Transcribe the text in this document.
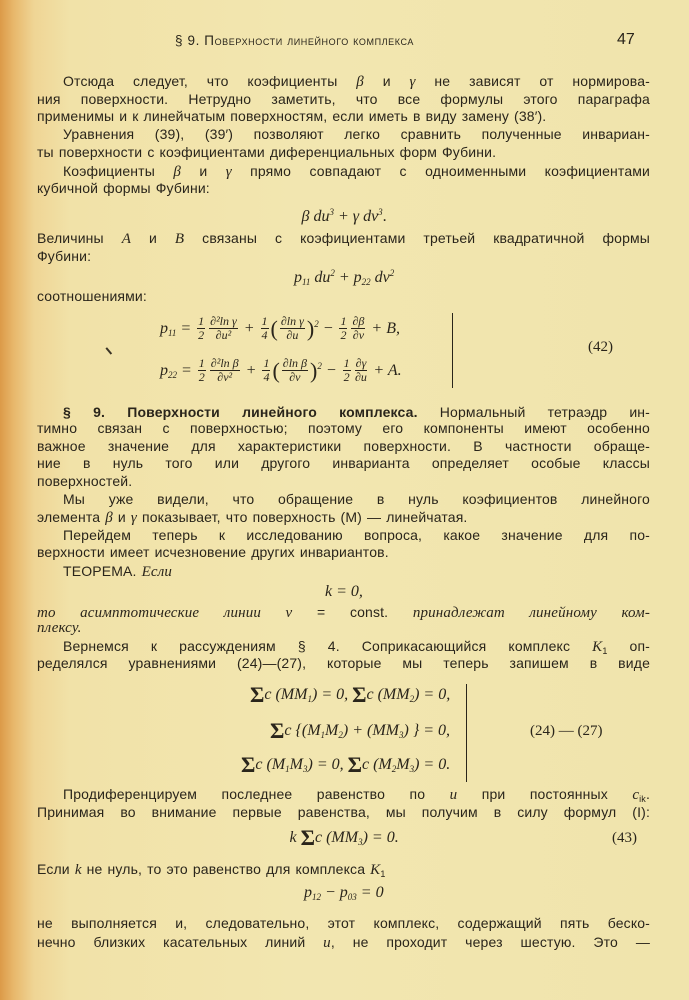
§ 9. Поверхности линейного комплекса	47
Отсюда следует, что коэфициенты β и γ не зависят от нормирова-
ния поверхности. Нетрудно заметить, что все формулы этого параграфа
применимы и к линейчатым поверхностям, если иметь в виду замену (38′).
Уравнения (39), (39′) позволяют легко сравнить полученные инвариан-
ты поверхности с коэфициентами диференциальных форм Фубини.
Коэфициенты β и γ прямо совпадают с одноименными коэфициентами
кубичной формы Фубини:
β $du^3 + \gamma$ $dv^3$.
Величины A и B связаны с коэфициентами третьей квадратичной формы
Фубини:
p11 $du^2 + p22$ $dv^2$
соотношениями:
$p11 = \frac{1}{2} \frac{\text{∂²ln γ}}{\text{∂u²}} + \frac{1}{4}$ ( $\frac{\text{∂ln γ}}{\partial u} )^2 - \frac{1}{2} \frac{\partial\beta}{\partial v} + B$,
$p22 = \frac{1}{2} \frac{\text{∂²ln β}}{\text{∂v²}} + \frac{1}{4}$ ( $\frac{\text{∂ln β}}{\partial v} )^2 - \frac{1}{2} \frac{\partial\gamma}{\partial u} + A$.
(42)
§ 9. Поверхности линейного комплекса. Нормальный тетраэдр ин-
тимно связан с поверхностью; поэтому его компоненты имеют особенно
важное значение для характеристики поверхности. В частности обраще-
ние в нуль того или другого инварианта определяет особые классы
поверхностей.
Мы уже видели, что обращение в нуль коэфициентов линейного
элемента β и γ показывает, что поверхность (M) — линейчатая.
Перейдем теперь к исследованию вопроса, какое значение для по-
верхности имеет исчезновение других инвариантов.
ТЕОРЕМА. Если
k = 0,
то асимптотические линии v = const. принадлежат линейному ком-
плексу.
Вернемся к рассуждениям § 4. Соприкасающийся комплекс $K_1$ оп-
ределялся уравнениями (24)—(27), которые мы теперь запишем в виде
Σc (MM1) = 0, Σc (MM2) = 0,
Σc {(M1M2) + (MM3) } = 0,
Σc (M1M3) = 0, Σc (M2M3) = 0.
(24) — (27)
Продиференцируем последнее равенство по u при постоянных $c_{ik}$.
Принимая во внимание первые равенства, мы получим в силу формул (I):
k Σc (MM3) = 0.	(43)
Если k не нуль, то это равенство для комплекса $K_1$
p12 − p03 = 0
не выполняется и, следовательно, этот комплекс, содержащий пять беско-
нечно близких касательных линий u, не проходит через шестую. Это —
